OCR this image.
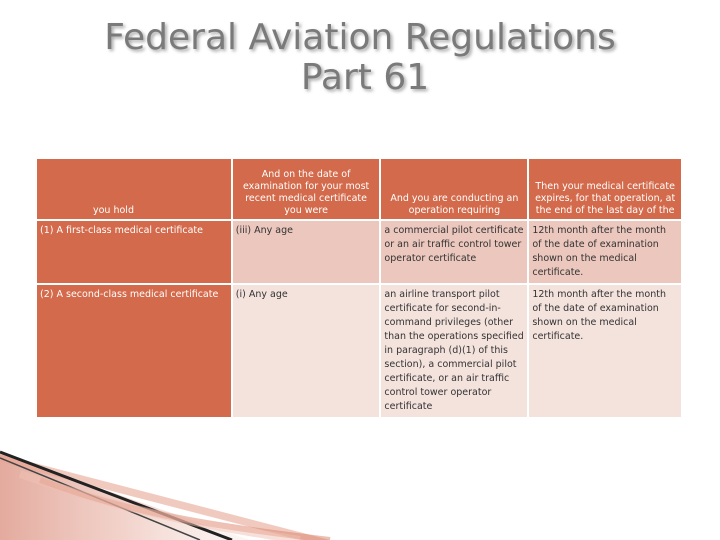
Federal Aviation Regulations
Part 61
you hold	And on the date of examination for your most recent medical certificate you were	And you are conducting an operation requiring	Then your medical certificate expires, for that operation, at the end of the last day of the
(1) A first-class medical certificate	(iii) Any age	a commercial pilot certificate or an air traffic control tower operator certificate	12th month after the month of the date of examination shown on the medical certificate.
(2) A second-class medical certificate	(i) Any age	an airline transport pilot certificate for second-in-command privileges (other than the operations specified in paragraph (d)(1) of this section), a commercial pilot certificate, or an air traffic control tower operator certificate	12th month after the month of the date of examination shown on the medical certificate.
